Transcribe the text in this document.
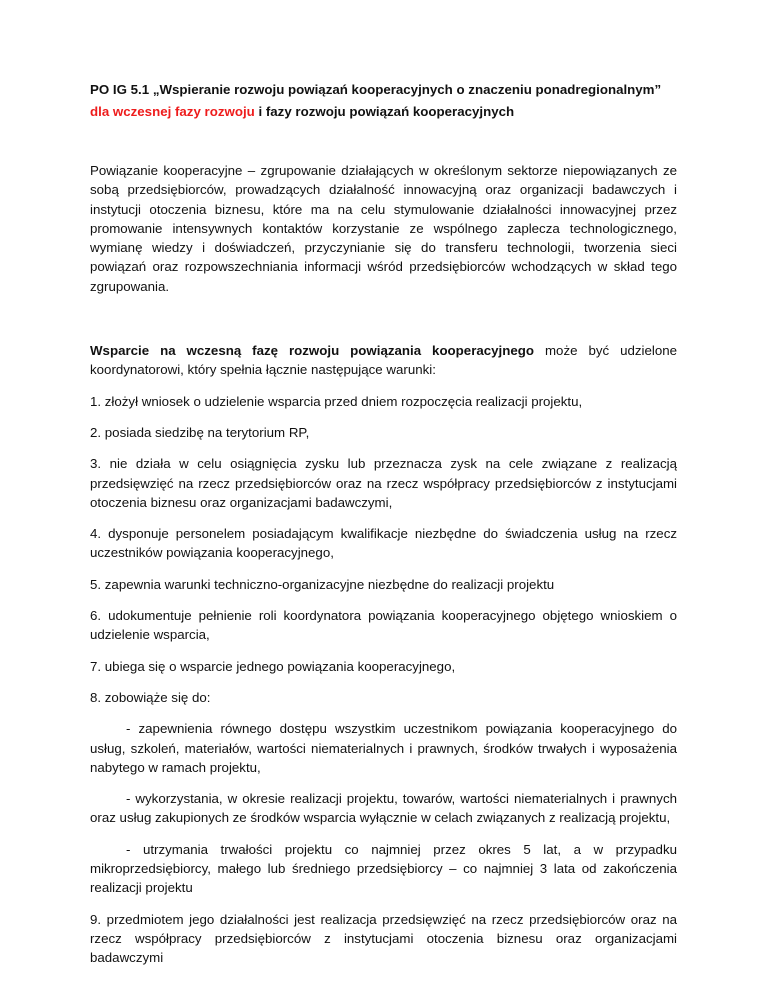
PO IG 5.1 „Wspieranie rozwoju powiązań kooperacyjnych o znaczeniu ponadregionalnym”
dla wczesnej fazy rozwoju i fazy rozwoju powiązań kooperacyjnych

Powiązanie kooperacyjne – zgrupowanie działających w określonym sektorze niepowiązanych ze sobą przedsiębiorców, prowadzących działalność innowacyjną oraz organizacji badawczych i instytucji otoczenia biznesu, które ma na celu stymulowanie działalności innowacyjnej przez promowanie intensywnych kontaktów korzystanie ze wspólnego zaplecza technologicznego, wymianę wiedzy i doświadczeń, przyczynianie się do transferu technologii, tworzenia sieci powiązań oraz rozpowszechniania informacji wśród przedsiębiorców wchodzących w skład tego zgrupowania.

Wsparcie na wczesną fazę rozwoju powiązania kooperacyjnego może być udzielone koordynatorowi, który spełnia łącznie następujące warunki:

1. złożył wniosek o udzielenie wsparcia przed dniem rozpoczęcia realizacji projektu,

2. posiada siedzibę na terytorium RP,

3. nie działa w celu osiągnięcia zysku lub przeznacza zysk na cele związane z realizacją przedsięwzięć na rzecz przedsiębiorców oraz na rzecz współpracy przedsiębiorców z instytucjami otoczenia biznesu oraz organizacjami badawczymi,

4. dysponuje personelem posiadającym kwalifikacje niezbędne do świadczenia usług na rzecz uczestników powiązania kooperacyjnego,

5. zapewnia warunki techniczno-organizacyjne niezbędne do realizacji projektu

6. udokumentuje pełnienie roli koordynatora powiązania kooperacyjnego objętego wnioskiem o udzielenie wsparcia,

7. ubiega się o wsparcie jednego powiązania kooperacyjnego,

8. zobowiąże się do:

- zapewnienia równego dostępu wszystkim uczestnikom powiązania kooperacyjnego do usług, szkoleń, materiałów, wartości niematerialnych i prawnych, środków trwałych i wyposażenia nabytego w ramach projektu,

- wykorzystania, w okresie realizacji projektu, towarów, wartości niematerialnych i prawnych oraz usług zakupionych ze środków wsparcia wyłącznie w celach związanych z realizacją projektu,

- utrzymania trwałości projektu co najmniej przez okres 5 lat, a w przypadku mikroprzedsiębiorcy, małego lub średniego przedsiębiorcy – co najmniej 3 lata od zakończenia realizacji projektu

9. przedmiotem jego działalności jest realizacja przedsięwzięć na rzecz przedsiębiorców oraz na rzecz współpracy przedsiębiorców z instytucjami otoczenia biznesu oraz organizacjami badawczymi
